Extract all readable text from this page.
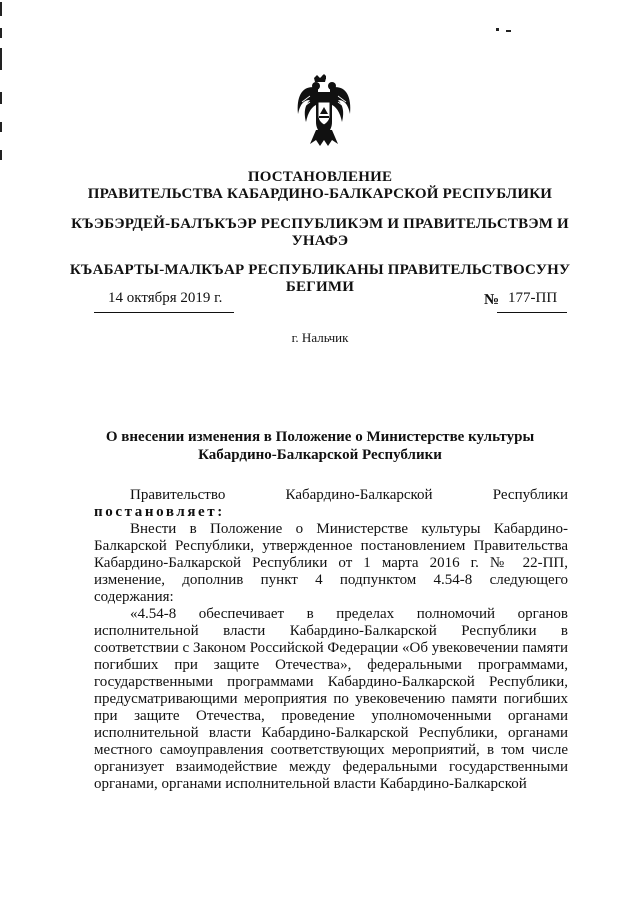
ПОСТАНОВЛЕНИЕ
ПРАВИТЕЛЬСТВА КАБАРДИНО-БАЛКАРСКОЙ РЕСПУБЛИКИ
КЪЭБЭРДЕЙ-БАЛЪКЪЭР РЕСПУБЛИКЭМ И ПРАВИТЕЛЬСТВЭМ И
УНАФЭ
КЪАБАРТЫ-МАЛКЪАР РЕСПУБЛИКАНЫ ПРАВИТЕЛЬСТВОСУНУ
БЕГИМИ
14 октября 2019 г.	№ 177-ПП
г. Нальчик
О внесении изменения в Положение о Министерстве культуры
Кабардино-Балкарской Республики
Правительство Кабардино-Балкарской Республики
постановляет:

Внести в Положение о Министерстве культуры Кабардино-Балкарской Республики, утвержденное постановлением Правительства Кабардино-Балкарской Республики от 1 марта 2016 г. № 22-ПП, изменение, дополнив пункт 4 подпунктом 4.54-8 следующего содержания:

«4.54-8 обеспечивает в пределах полномочий органов исполнительной власти Кабардино-Балкарской Республики в соответствии с Законом Российской Федерации «Об увековечении памяти погибших при защите Отечества», федеральными программами, государственными программами Кабардино-Балкарской Республики, предусматривающими мероприятия по увековечению памяти погибших при защите Отечества, проведение уполномоченными органами исполнительной власти Кабардино-Балкарской Республики, органами местного самоуправления соответствующих мероприятий, в том числе организует взаимодействие между федеральными государственными органами, органами исполнительной власти Кабардино-Балкарской
